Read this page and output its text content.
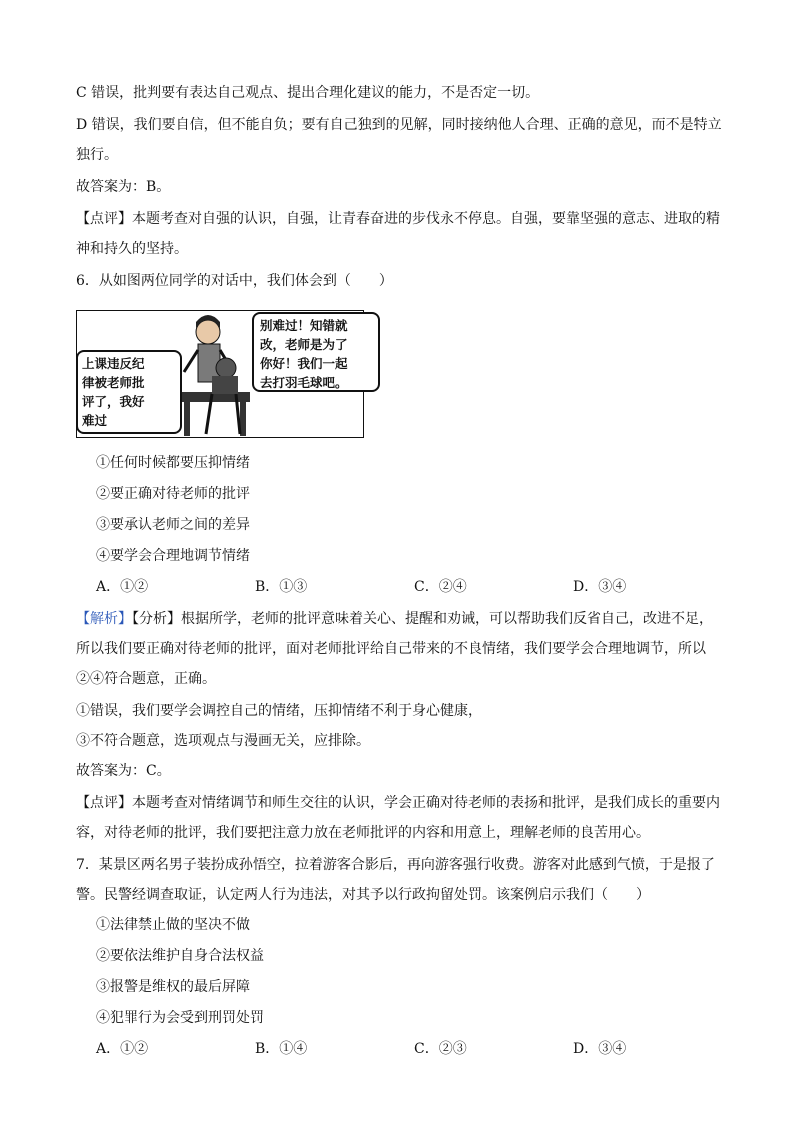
C 错误，批判要有表达自己观点、提出合理化建议的能力，不是否定一切。

D 错误，我们要自信，但不能自负；要有自己独到的见解，同时接纳他人合理、正确的意见，而不是特立

独行。

故答案为：B。

【点评】本题考查对自强的认识，自强，让青春奋进的步伐永不停息。自强，要靠坚强的意志、进取的精

神和持久的坚持。

6．从如图两位同学的对话中，我们体会到（　　）

上课违反纪
律被老师批
评了，我好
难过
别难过！知错就
改，老师是为了
你好！我们一起
去打羽毛球吧。
①任何时候都要压抑情绪
②要正确对待老师的批评
③要承认老师之间的差异
④要学会合理地调节情绪
A．①②	B．①③	C．②④	D．③④

【解析】【分析】根据所学，老师的批评意味着关心、提醒和劝诫，可以帮助我们反省自己，改进不足，

所以我们要正确对待老师的批评，面对老师批评给自己带来的不良情绪，我们要学会合理地调节，所以

②④符合题意，正确。

①错误，我们要学会调控自己的情绪，压抑情绪不利于身心健康，

③不符合题意，选项观点与漫画无关，应排除。

故答案为：C。

【点评】本题考查对情绪调节和师生交往的认识，学会正确对待老师的表扬和批评，是我们成长的重要内

容，对待老师的批评，我们要把注意力放在老师批评的内容和用意上，理解老师的良苦用心。

7．某景区两名男子装扮成孙悟空，拉着游客合影后，再向游客强行收费。游客对此感到气愤，于是报了

警。民警经调查取证，认定两人行为违法，对其予以行政拘留处罚。该案例启示我们（　　）

①法律禁止做的坚决不做
②要依法维护自身合法权益
③报警是维权的最后屏障
④犯罪行为会受到刑罚处罚
A．①②	B．①④	C．②③	D．③④
